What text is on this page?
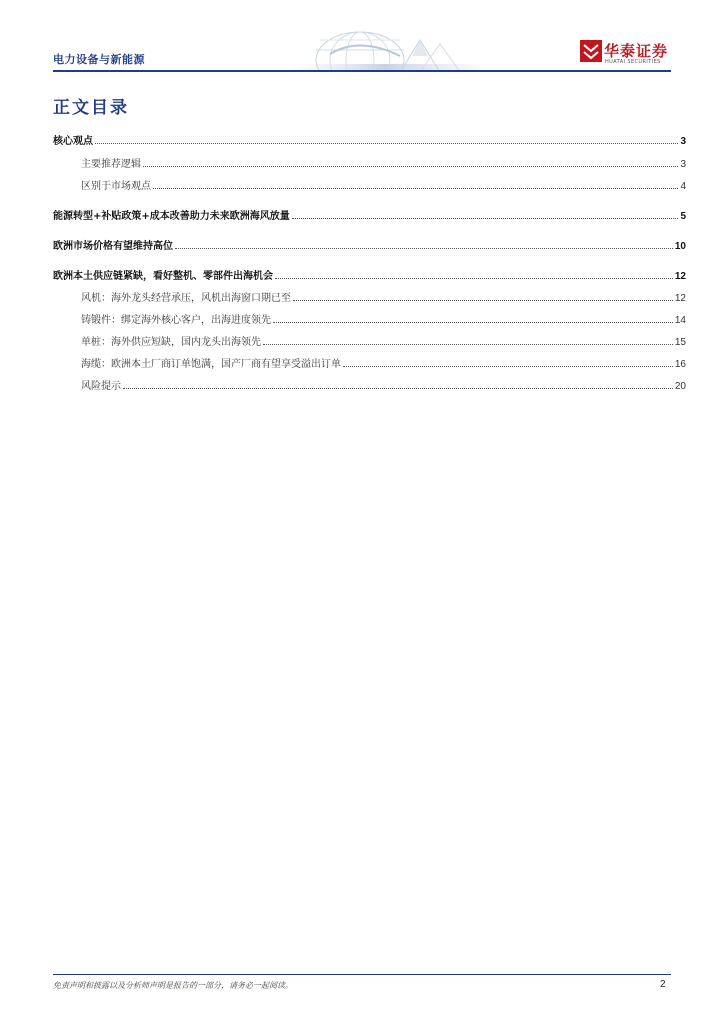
电力设备与新能源	华泰证券
HUATAI SECURITIES
正文目录
核心观点	3
主要推荐逻辑	3
区别于市场观点	4
能源转型+补贴政策+成本改善助力未来欧洲海风放量	5
欧洲市场价格有望维持高位	10
欧洲本土供应链紧缺，看好整机、零部件出海机会	12
风机：海外龙头经营承压，风机出海窗口期已至	12
铸锻件：绑定海外核心客户，出海进度领先	14
单桩：海外供应短缺，国内龙头出海领先	15
海缆：欧洲本土厂商订单饱满，国产厂商有望享受溢出订单	16
风险提示	20
免责声明和披露以及分析师声明是报告的一部分，请务必一起阅读。	2
